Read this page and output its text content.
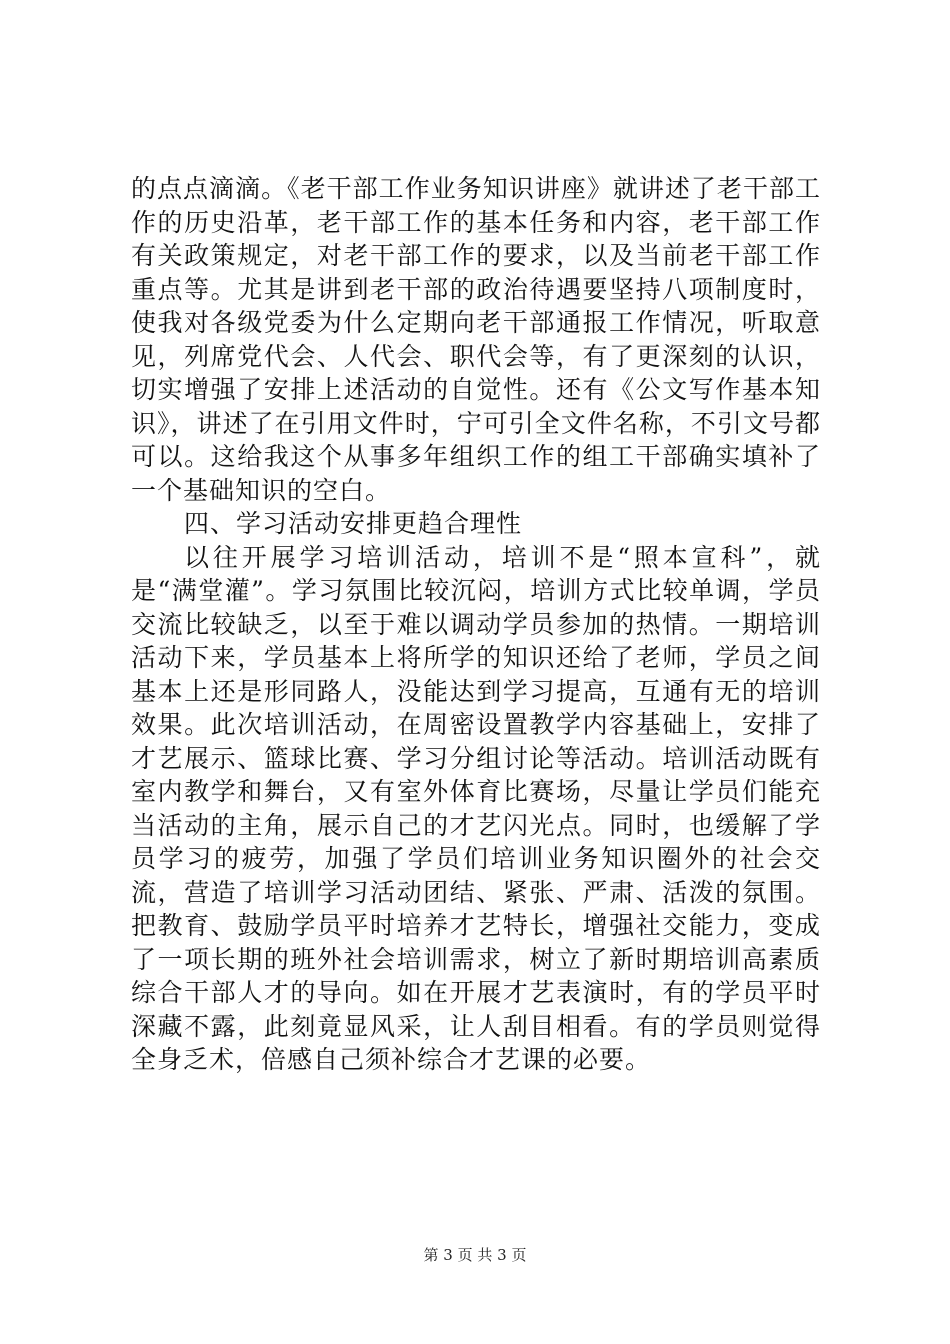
的点点滴滴。《老干部工作业务知识讲座》就讲述了老干部工作的历史沿革，老干部工作的基本任务和内容，老干部工作有关政策规定，对老干部工作的要求，以及当前老干部工作重点等。尤其是讲到老干部的政治待遇要坚持八项制度时，使我对各级党委为什么定期向老干部通报工作情况，听取意见，列席党代会、人代会、职代会等，有了更深刻的认识，切实增强了安排上述活动的自觉性。还有《公文写作基本知识》，讲述了在引用文件时，宁可引全文件名称，不引文号都可以。这给我这个从事多年组织工作的组工干部确实填补了一个基础知识的空白。

四、学习活动安排更趋合理性

以往开展学习培训活动，培训不是“照本宣科”，就是“满堂灌”。学习氛围比较沉闷，培训方式比较单调，学员交流比较缺乏，以至于难以调动学员参加的热情。一期培训活动下来，学员基本上将所学的知识还给了老师，学员之间基本上还是形同路人，没能达到学习提高，互通有无的培训效果。此次培训活动，在周密设置教学内容基础上，安排了才艺展示、篮球比赛、学习分组讨论等活动。培训活动既有室内教学和舞台，又有室外体育比赛场，尽量让学员们能充当活动的主角，展示自己的才艺闪光点。同时，也缓解了学员学习的疲劳，加强了学员们培训业务知识圈外的社会交流，营造了培训学习活动团结、紧张、严肃、活泼的氛围。把教育、鼓励学员平时培养才艺特长，增强社交能力，变成了一项长期的班外社会培训需求，树立了新时期培训高素质综合干部人才的导向。如在开展才艺表演时，有的学员平时深藏不露，此刻竟显风采，让人刮目相看。有的学员则觉得全身乏术，倍感自己须补综合才艺课的必要。

第 3 页 共 3 页
